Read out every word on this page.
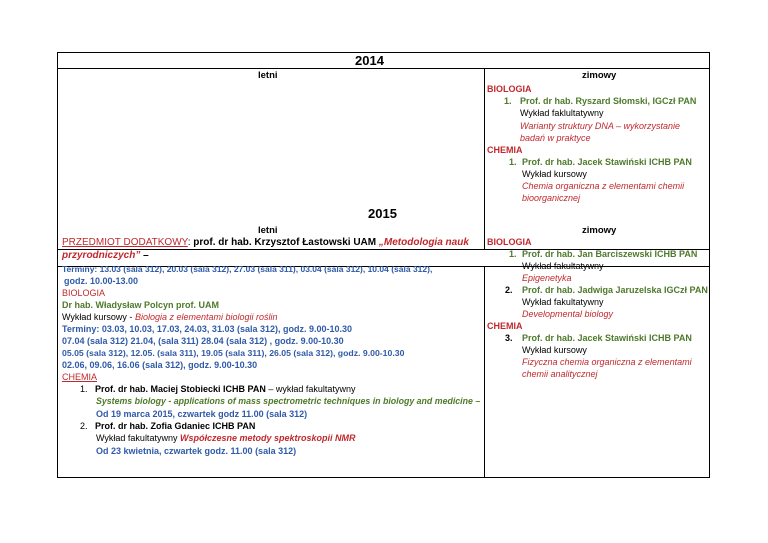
2014
letni	zimowy
BIOLOGIA
1. Prof. dr hab. Ryszard Słomski, IGCzł PAN
Wykład faklultatywny
Warianty struktury DNA – wykorzystanie
badań w praktyce
CHEMIA
1. Prof. dr hab. Jacek Stawiński ICHB PAN
Wykład kursowy
Chemia organiczna z elementami chemii
bioorganicznej
2015
letni	zimowy
PRZEDMIOT DODATKOWY: prof. dr hab. Krzysztof Łastowski UAM „Metodologia nauk
przyrodniczych” –
Terminy: 13.03 (sala 312), 20.03 (sala 312), 27.03 (sala 311), 03.04 (sala 312), 10.04 (sala 312),
godz. 10.00-13.00
BIOLOGIA
Dr hab. Władysław Polcyn prof. UAM
Wykład kursowy - Biologia z elementami biologii roślin
Terminy: 03.03, 10.03, 17.03, 24.03, 31.03 (sala 312), godz. 9.00-10.30
07.04 (sala 312) 21.04, (sala 311) 28.04 (sala 312) , godz. 9.00-10.30
05.05 (sala 312), 12.05. (sala 311), 19.05 (sala 311), 26.05 (sala 312), godz. 9.00-10.30
02.06, 09.06, 16.06 (sala 312), godz. 9.00-10.30
CHEMIA
1. Prof. dr hab. Maciej Stobiecki ICHB PAN – wykład fakultatywny
Systems biology - applications of mass spectrometric techniques in biology and medicine –
Od 19 marca 2015, czwartek godz 11.00 (sala 312)
2. Prof. dr hab. Zofia Gdaniec ICHB PAN
Wykład fakultatywny Współczesne metody spektroskopii NMR
Od 23 kwietnia, czwartek godz. 11.00 (sala 312)
BIOLOGIA
1. Prof. dr hab. Jan Barciszewski ICHB PAN
Wykład fakultatywny
Epigenetyka
2. Prof. dr hab. Jadwiga Jaruzelska IGCzł PAN
Wykład fakultatywny
Developmental biology
CHEMIA
3. Prof. dr hab. Jacek Stawiński ICHB PAN
Wykład kursowy
Fizyczna chemia organiczna z elementami
chemii analitycznej
